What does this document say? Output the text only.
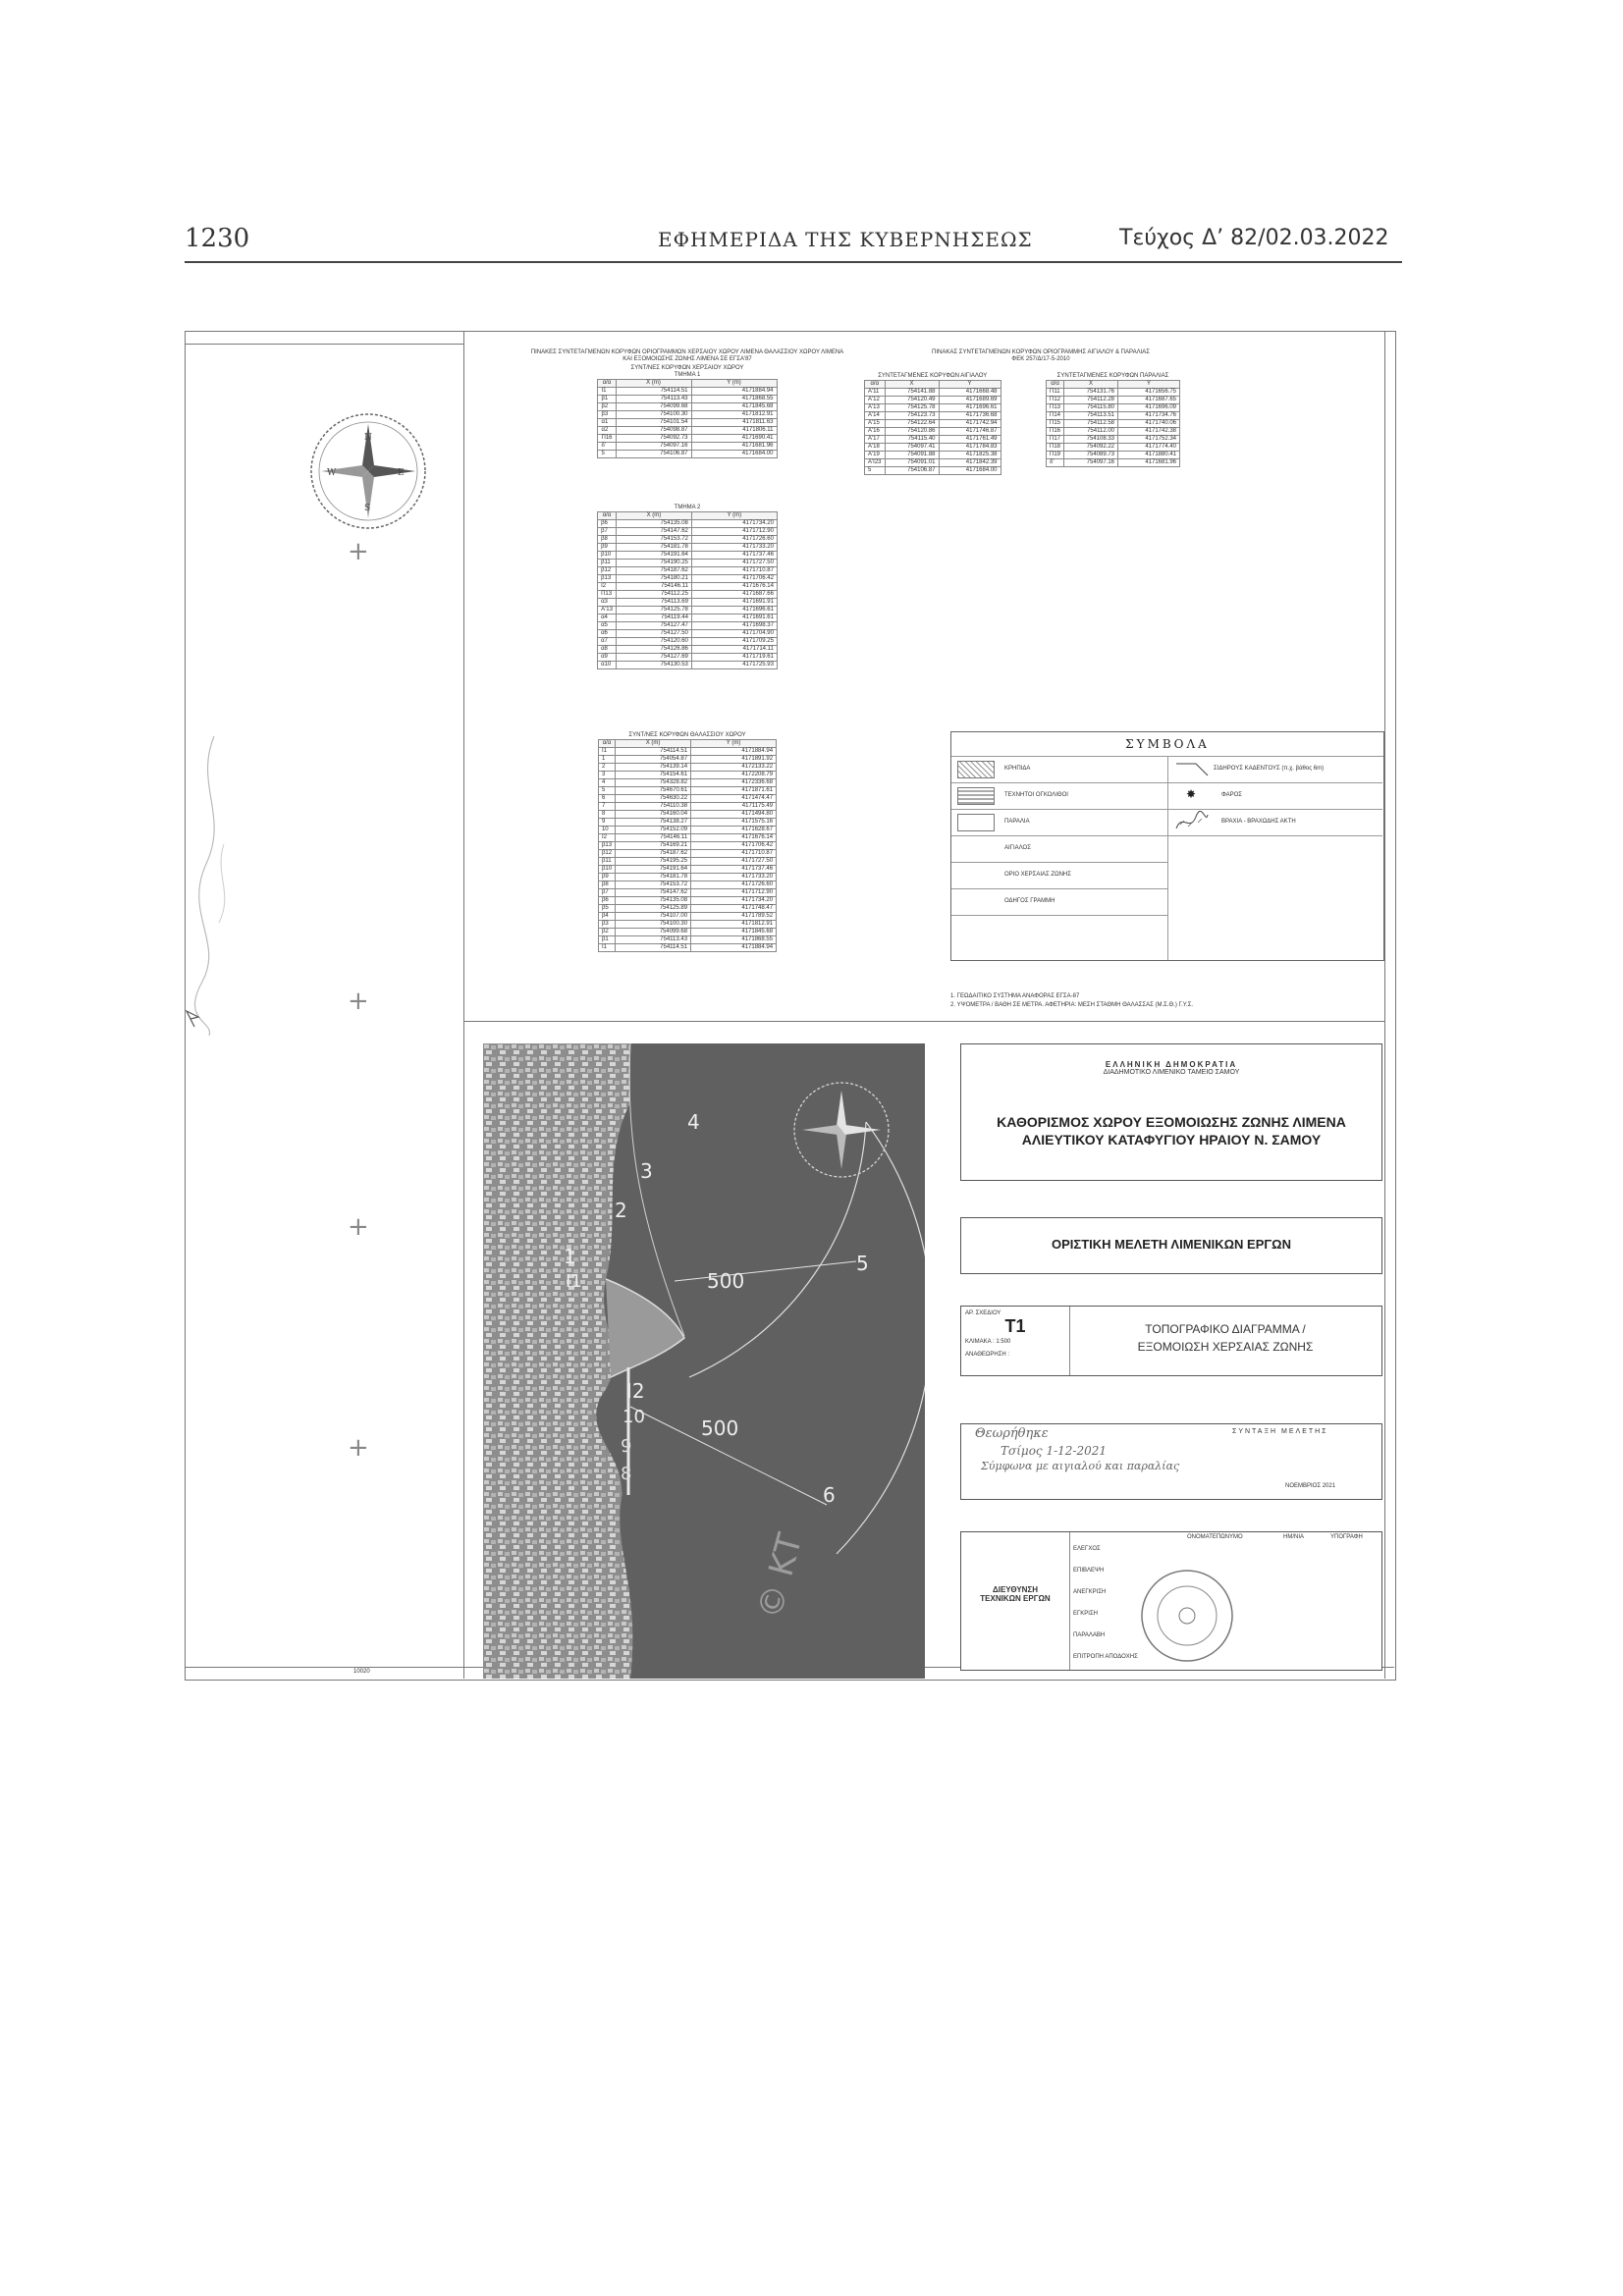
1230	ΕΦΗΜΕΡΙΔΑ ΤΗΣ ΚΥΒΕΡΝΗΣΕΩΣ	Τεύχος Δ’ 82/02.03.2022
N
S
W	E
+
+
+
+
ΠΙΝΑΚΕΣ ΣΥΝΤΕΤΑΓΜΕΝΩΝ ΚΟΡΥΦΩΝ ΟΡΙΟΓΡΑΜΜΩΝ ΧΕΡΣΑΙΟΥ ΧΩΡΟΥ ΛΙΜΕΝΑ ΘΑΛΑΣΣΙΟΥ ΧΩΡΟΥ ΛΙΜΕΝΑ ΚΑΙ ΕΞΟΜΟΙΩΣΗΣ ΖΩΝΗΣ ΛΙΜΕΝΑ ΣΕ ΕΓΣΑ'87
ΣΥΝΤ/ΝΕΣ ΚΟΡΥΦΩΝ ΧΕΡΣΑΙΟΥ ΧΩΡΟΥ
ΤΜΗΜΑ 1
α/α	X (m)	Y (m)
Ι1	754114.51	4171884.94
β1	754113.43	4171868.55
β2	754099.68	4171845.68
β3	754100.30	4171812.91
α1	754101.54	4171811.63
α2	754098.87	4171806.11
Π16	754092.73	4171690.41
δ'	754097.16	4171681.96
5	754106.87	4171684.00
ΤΜΗΜΑ 2
α/α	X (m)	Y (m)
β6	754135.08	4171734.20
β7	754147.62	4171712.90
β8	754153.72	4171726.60
β9	754181.78	4171733.20
β10	754191.64	4171737.46
β11	754190.25	4171727.50
β12	754187.62	4171710.87
β13	754180.21	4171706.42
Ι2	754146.11	4171676.14
Π13	754112.25	4171687.66
α3	754113.69	4171691.91
Α'13	754125.78	4171696.61
α4	754119.44	4171691.61
α5	754127.47	4171698.37
α6	754127.50	4171704.90
α7	754120.60	4171709.25
α8	754126.86	4171714.11
α9	754127.69	4171719.61
α10	754130.53	4171725.93
ΣΥΝΤ/ΝΕΣ ΚΟΡΥΦΩΝ ΘΑΛΑΣΣΙΟΥ ΧΩΡΟΥ
α/α	X (m)	Y (m)
Ι1	754114.51	4171884.94
1	754054.87	4171891.92
2	754139.14	4172133.22
3	754154.61	4172208.79
4	754328.82	4172336.68
5	754670.61	4171871.61
6	754630.22	4171474.47
7	754110.38	4171175.49
8	754160.04	4171494.80
9	754138.27	4171575.16
10	754152.09	4171628.67
Ι2	754146.11	4171676.14
β13	754169.21	4171706.42
β12	754187.62	4171710.87
β11	754195.25	4171727.50
β10	754191.64	4171737.46
β9	754181.78	4171733.20
β8	754153.72	4171726.60
β7	754147.62	4171712.90
β6	754135.08	4171734.20
β5	754125.89	4171748.47
β4	754107.00	4171789.52
β3	754100.30	4171812.91
β2	754099.68	4171845.68
β1	754113.43	4171868.55
Ι1	754114.51	4171884.94
ΠΙΝΑΚΑΣ ΣΥΝΤΕΤΑΓΜΕΝΩΝ ΚΟΡΥΦΩΝ ΟΡΙΟΓΡΑΜΜΗΣ ΑΙΓΙΑΛΟΥ & ΠΑΡΑΛΙΑΣ
ΦΕΚ 257/Δ/17-5-2010
ΣΥΝΤΕΤΑΓΜΕΝΕΣ ΚΟΡΥΦΩΝ ΑΙΓΙΑΛΟΥ
α/α	X	Y
Α'11	754141.88	4171668.48
Α'12	754120.49	4171689.69
Α'13	754125.78	4171696.61
Α'14	754123.73	4171736.68
Α'15	754122.64	4171742.94
Α'16	754120.86	4171746.87
Α'17	754115.40	4171761.49
Α'18	754097.41	4171784.83
Α'19	754091.88	4171825.38
Α'Ι23	754091.01	4171842.39
5	754106.87	4171684.00
ΣΥΝΤΕΤΑΓΜΕΝΕΣ ΚΟΡΥΦΩΝ ΠΑΡΑΛΙΑΣ
α/α	X	Y
Π11	754131.76	4171656.75
Π12	754112.28	4171687.65
Π13	754115.80	4171696.09
Π14	754113.51	4171734.76
Π15	754112.58	4171740.06
Π16	754112.00	4171742.38
Π17	754108.33	4171752.34
Π18	754092.22	4171774.40
Π19	754089.73	4171880.41
δ'	754097.16	4171681.96
ΣΥΜΒΟΛΑ
ΚΡΗΠΙΔΑ
ΤΕΧΝΗΤΟΙ ΟΓΚΟΛΙΘΟΙ
ΠΑΡΑΛΙΑ
ΑΙΓΙΑΛΟΣ
ΟΡΙΟ ΧΕΡΣΑΙΑΣ ΖΩΝΗΣ
ΟΔΗΓΟΣ ΓΡΑΜΜΗ
ΣΙΔΗΡΟΥΣ ΚΑΔΕΝΤΟΥΣ (π.χ. βάθος 6m)
✸	ΦΑΡΟΣ
ΒΡΑΧΙΑ - ΒΡΑΧΩΔΗΣ ΑΚΤΗ
1. ΓΕΩΔΑΙΤΙΚΟ ΣΥΣΤΗΜΑ ΑΝΑΦΟΡΑΣ ΕΓΣΑ-87
2. ΥΨΟΜΕΤΡΑ / ΒΑΘΗ ΣΕ ΜΕΤΡΑ. ΑΦΕΤΗΡΙΑ: ΜΕΣΗ ΣΤΑΘΜΗ ΘΑΛΑΣΣΑΣ (Μ.Σ.Θ.) Γ.Υ.Σ.
4
3
2
1
Ι1	500
5
Ι2
10
9
8
500
6
© ΚΤ
ΕΛΛΗΝΙΚΗ ΔΗΜΟΚΡΑΤΙΑ
ΔΙΑΔΗΜΟΤΙΚΟ ΛΙΜΕΝΙΚΟ ΤΑΜΕΙΟ ΣΑΜΟΥ
ΚΑΘΟΡΙΣΜΟΣ ΧΩΡΟΥ ΕΞΟΜΟΙΩΣΗΣ ΖΩΝΗΣ ΛΙΜΕΝΑ
ΑΛΙΕΥΤΙΚΟΥ ΚΑΤΑΦΥΓΙΟΥ ΗΡΑΙΟΥ Ν. ΣΑΜΟΥ
ΟΡΙΣΤΙΚΗ ΜΕΛΕΤΗ ΛΙΜΕΝΙΚΩΝ ΕΡΓΩΝ
ΑΡ. ΣΧΕΔΙΟΥ
Τ1
ΚΛΙΜΑΚΑ : 1:500
ΑΝΑΘΕΩΡΗΣΗ :
ΤΟΠΟΓΡΑΦΙΚΟ ΔΙΑΓΡΑΜΜΑ /
ΕΞΟΜΟΙΩΣΗ ΧΕΡΣΑΙΑΣ ΖΩΝΗΣ
ΣΥΝΤΑΞΗ ΜΕΛΕΤΗΣ
Θεωρήθηκε
Τσίμος 1-12-2021
Σύμφωνα με αιγιαλού και παραλίας
ΝΟΕΜΒΡΙΟΣ 2021
ΔΙΕΥΘΥΝΣΗ
ΤΕΧΝΙΚΩΝ ΕΡΓΩΝ
ΟΝΟΜΑΤΕΠΩΝΥΜΟ	ΗΜ/ΝΙΑ	ΥΠΟΓΡΑΦΗ
ΕΛΕΓΧΟΣ
ΕΠΙΒΛΕΨΗ
ΑΝΕΓΚΡΙΣΗ
ΕΓΚΡΙΣΗ
ΠΑΡΑΛΑΒΗ
ΕΠΙΤΡΟΠΗ ΑΠΟΔΟΧΗΣ
10020
